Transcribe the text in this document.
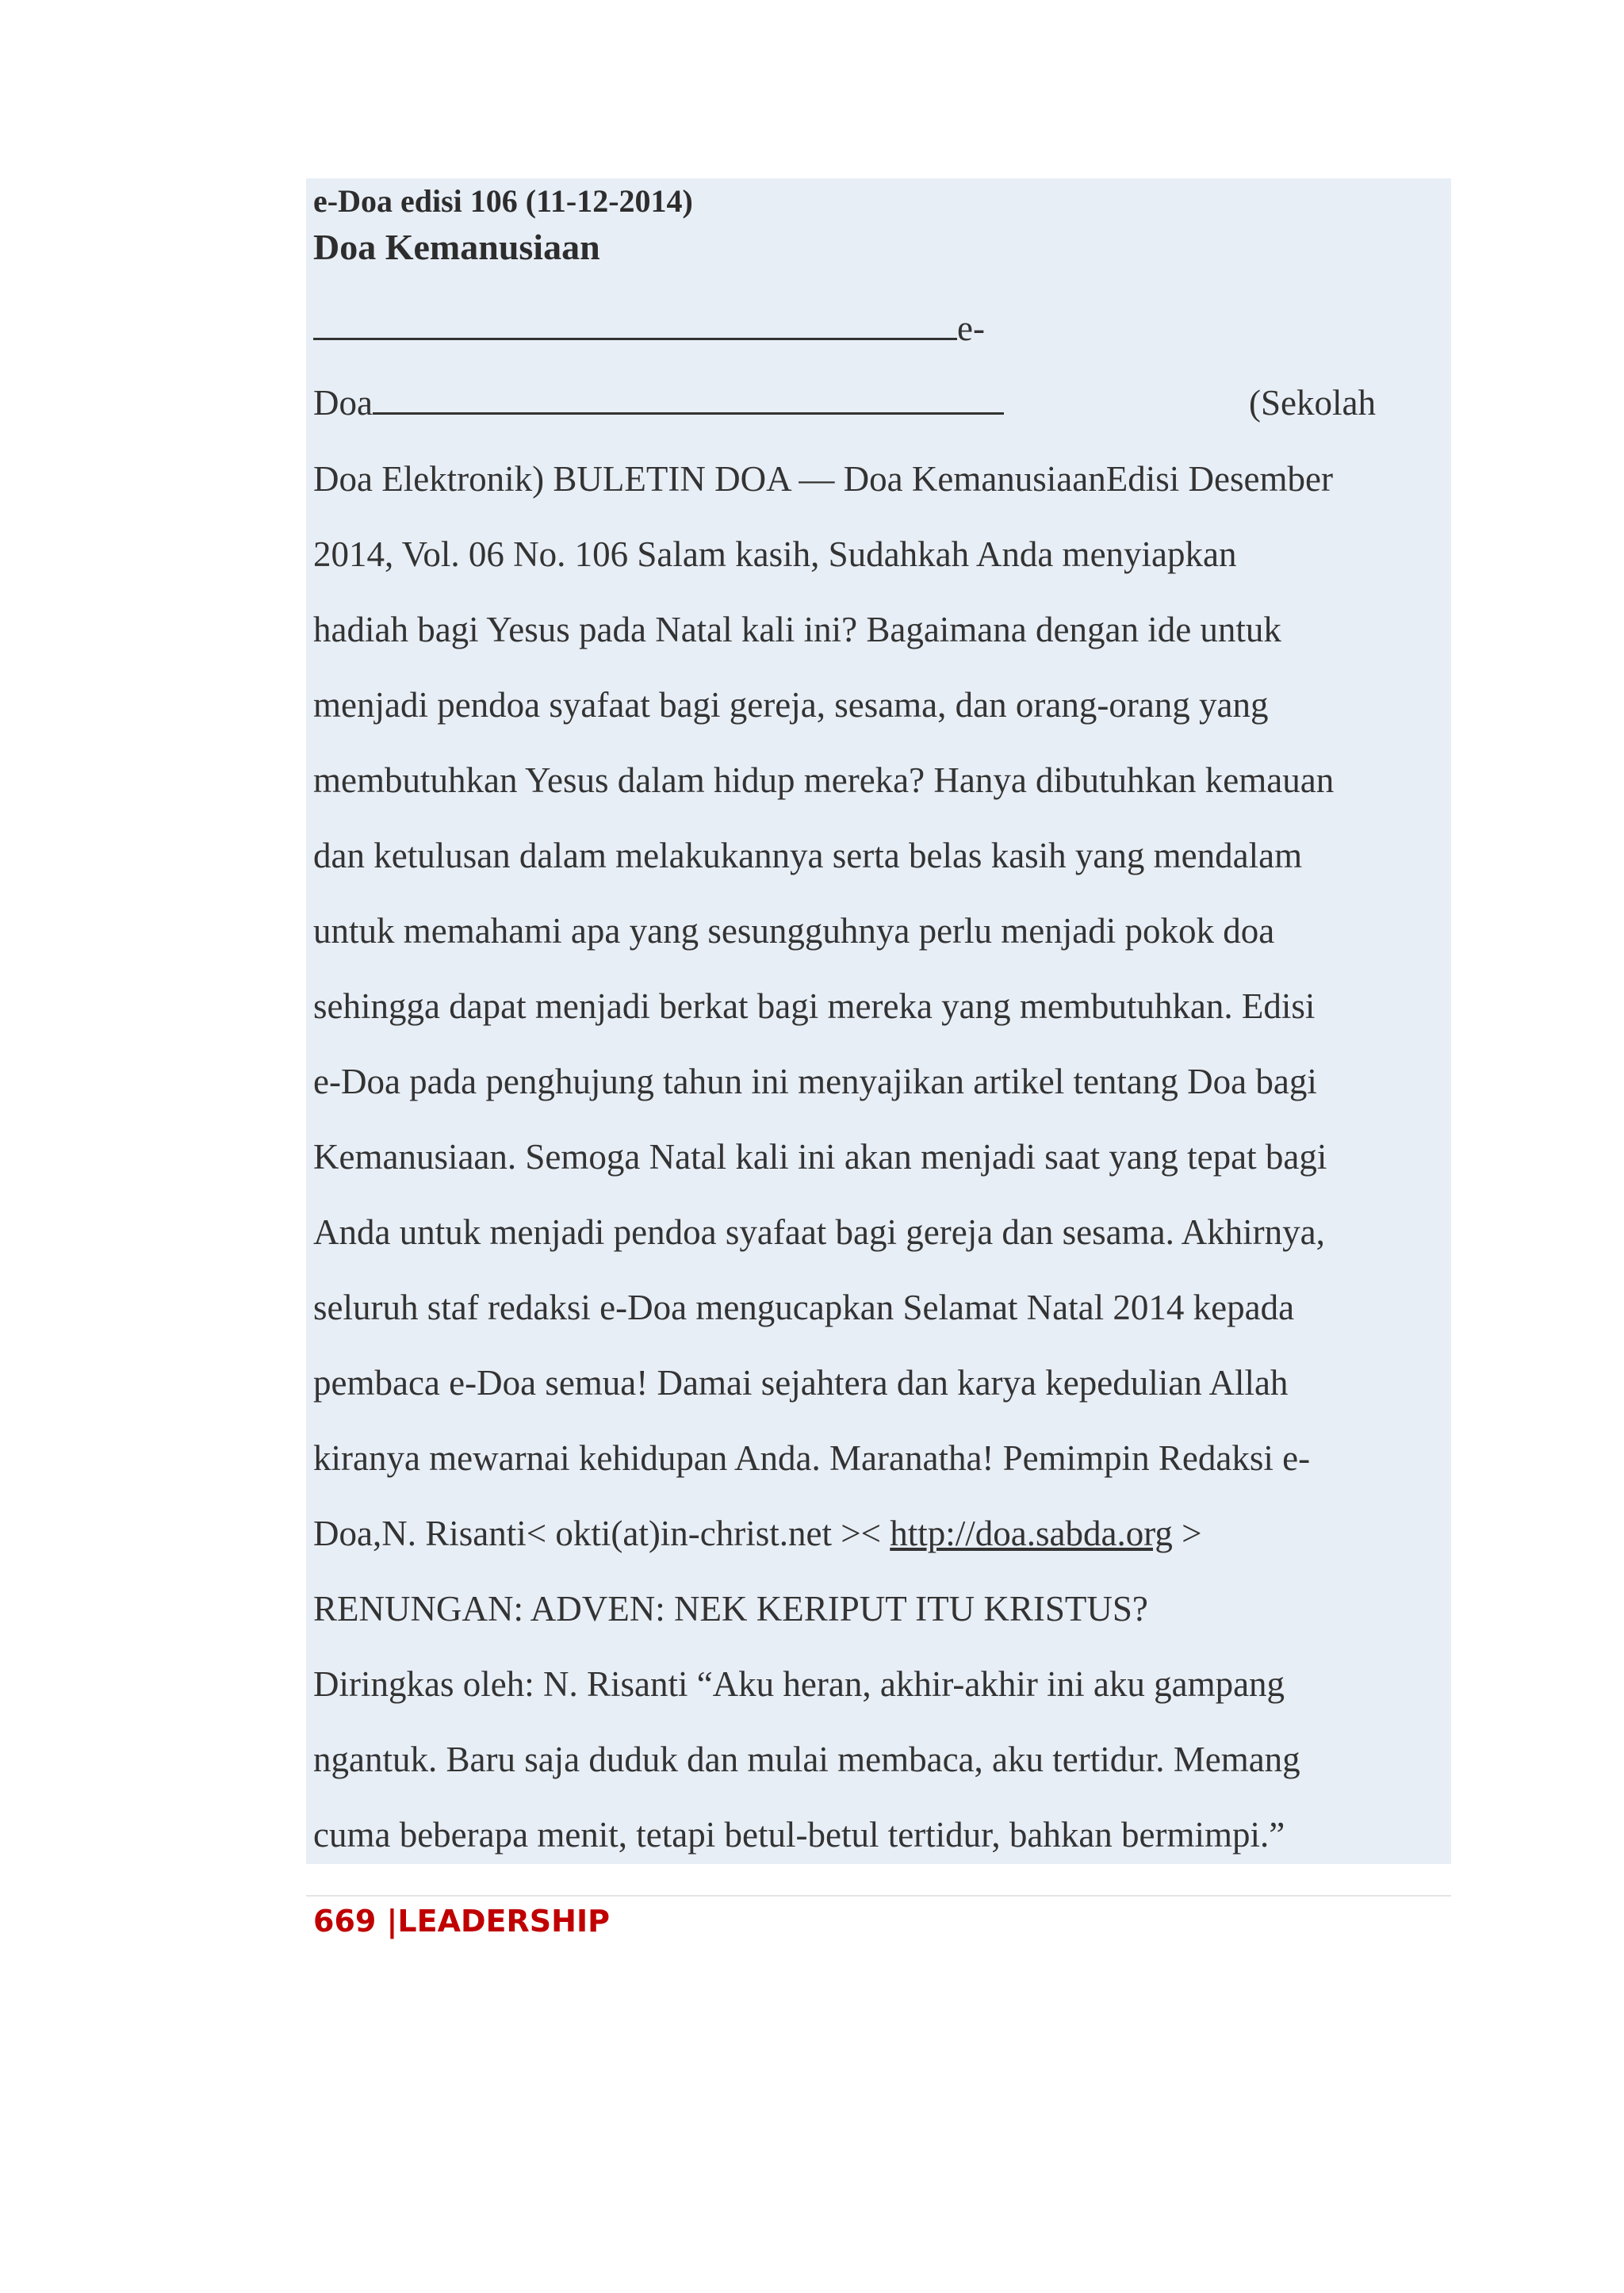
e-Doa edisi 106 (11-12-2014)
Doa Kemanusiaan
e-
Doa	(Sekolah
Doa Elektronik) BULETIN DOA — Doa KemanusiaanEdisi Desember
2014, Vol. 06 No. 106 Salam kasih, Sudahkah Anda menyiapkan
hadiah bagi Yesus pada Natal kali ini? Bagaimana dengan ide untuk
menjadi pendoa syafaat bagi gereja, sesama, dan orang-orang yang
membutuhkan Yesus dalam hidup mereka? Hanya dibutuhkan kemauan
dan ketulusan dalam melakukannya serta belas kasih yang mendalam
untuk memahami apa yang sesungguhnya perlu menjadi pokok doa
sehingga dapat menjadi berkat bagi mereka yang membutuhkan. Edisi
e-Doa pada penghujung tahun ini menyajikan artikel tentang Doa bagi
Kemanusiaan. Semoga Natal kali ini akan menjadi saat yang tepat bagi
Anda untuk menjadi pendoa syafaat bagi gereja dan sesama. Akhirnya,
seluruh staf redaksi e-Doa mengucapkan Selamat Natal 2014 kepada
pembaca e-Doa semua! Damai sejahtera dan karya kepedulian Allah
kiranya mewarnai kehidupan Anda. Maranatha! Pemimpin Redaksi e-
Doa,N. Risanti< okti(at)in-christ.net >< http://doa.sabda.org >
RENUNGAN: ADVEN: NEK KERIPUT ITU KRISTUS?
Diringkas oleh: N. Risanti “Aku heran, akhir-akhir ini aku gampang
ngantuk. Baru saja duduk dan mulai membaca, aku tertidur. Memang
cuma beberapa menit, tetapi betul-betul tertidur, bahkan bermimpi.”
669 |LEADERSHIP
